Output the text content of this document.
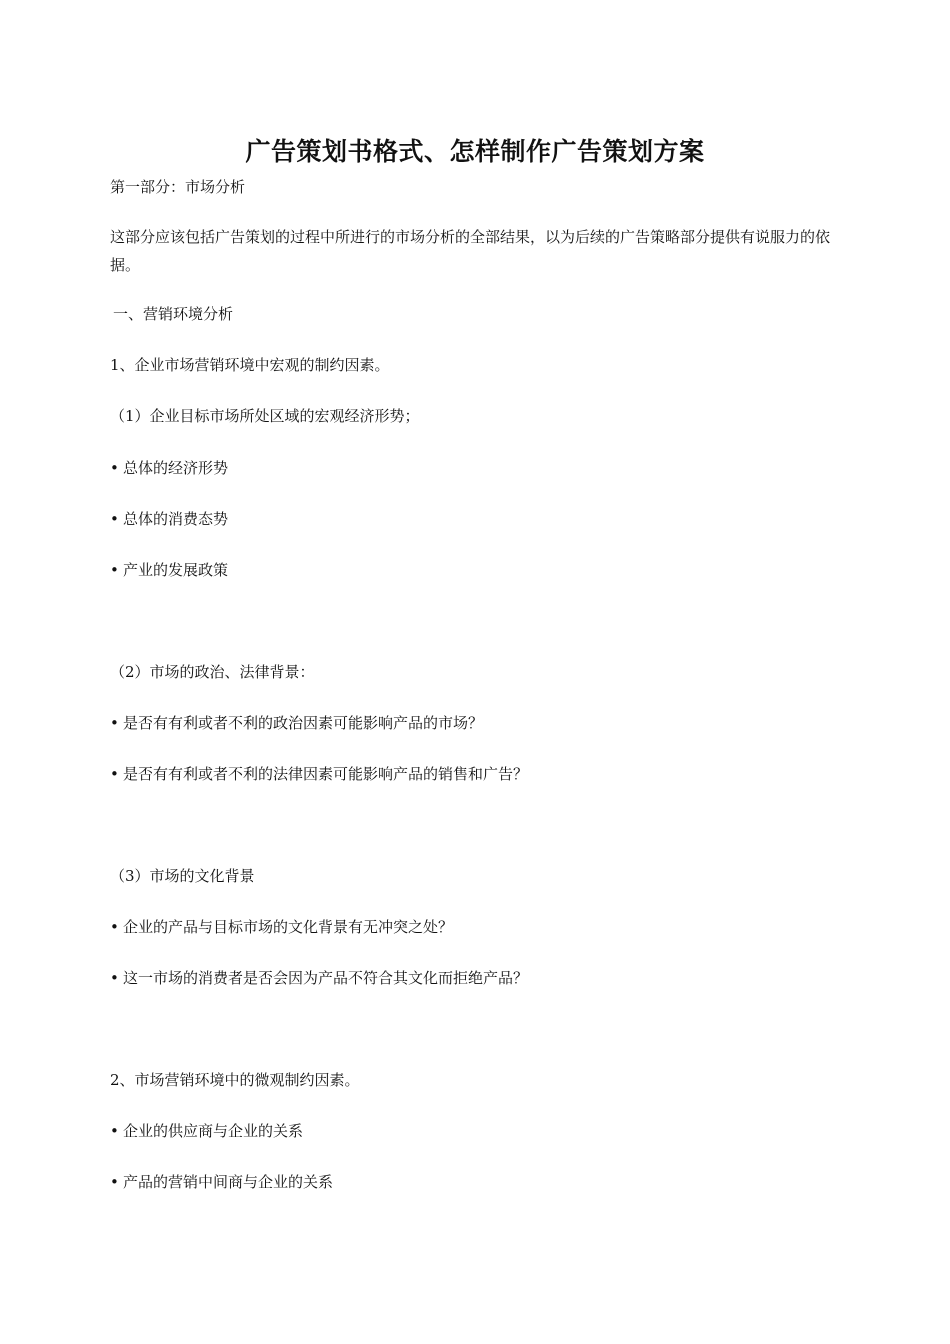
广告策划书格式、怎样制作广告策划方案
第一部分：市场分析
这部分应该包括广告策划的过程中所进行的市场分析的全部结果，以为后续的广告策略部分提供有说服力的依据。
一、营销环境分析
1、企业市场营销环境中宏观的制约因素。
（1）企业目标市场所处区域的宏观经济形势；
• 总体的经济形势
• 总体的消费态势
• 产业的发展政策
（2）市场的政治、法律背景：
• 是否有有利或者不利的政治因素可能影响产品的市场？
• 是否有有利或者不利的法律因素可能影响产品的销售和广告？
（3）市场的文化背景
• 企业的产品与目标市场的文化背景有无冲突之处？
• 这一市场的消费者是否会因为产品不符合其文化而拒绝产品？
2、市场营销环境中的微观制约因素。
• 企业的供应商与企业的关系
• 产品的营销中间商与企业的关系
